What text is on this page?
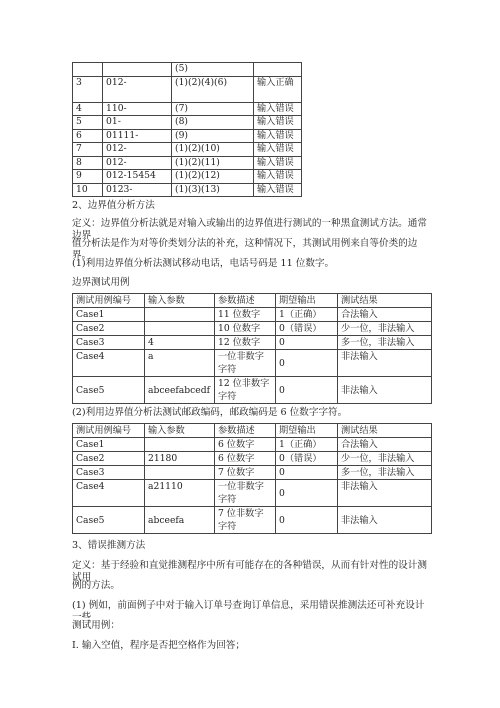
		(5)	
3	012-	(1)(2)(4)(6)	输入正确
4	110-	(7)	输入错误
5	01-	(8)	输入错误
6	01111-	(9)	输入错误
7	012-	(1)(2)(10)	输入错误
8	012-	(1)(2)(11)	输入错误
9	012-15454	(1)(2)(12)	输入错误
10	0123-	(1)(3)(13)	输入错误
2、边界值分析方法
定义：边界值分析法就是对输入或输出的边界值进行测试的一种黑盒测试方法。通常边界
值分析法是作为对等价类划分法的补充，这种情况下，其测试用例来自等价类的边界。
(1)利用边界值分析法测试移动电话，电话号码是 11 位数字。
边界测试用例
测试用例编号	输入参数	参数描述	期望输出	测试结果
Case1		11 位数字	1（正确）	合法输入
Case2		10 位数字	0（错误）	少一位，非法输入
Case3	4	12 位数字	0	多一位，非法输入
Case4	a	一位非数字字符	0	非法输入
Case5	abceefabcedf	12 位非数字字符	0	非法输入
(2)利用边界值分析法测试邮政编码，邮政编码是 6 位数字字符。
测试用例编号	输入参数	参数描述	期望输出	测试结果
Case1		6 位数字	1（正确）	合法输入
Case2	21180	6 位数字	0（错误）	少一位，非法输入
Case3		7 位数字	0	多一位，非法输入
Case4	a21110	一位非数字字符	0	非法输入
Case5	abceefa	7 位非数字字符	0	非法输入
3、错误推测方法
定义：基于经验和直觉推测程序中所有可能存在的各种错误，从而有针对性的设计测试用
例的方法。
(1) 例如，前面例子中对于输入订单号查询订单信息，采用错误推测法还可补充设计一些
测试用例：
I. 输入空值，程序是否把空格作为回答；
